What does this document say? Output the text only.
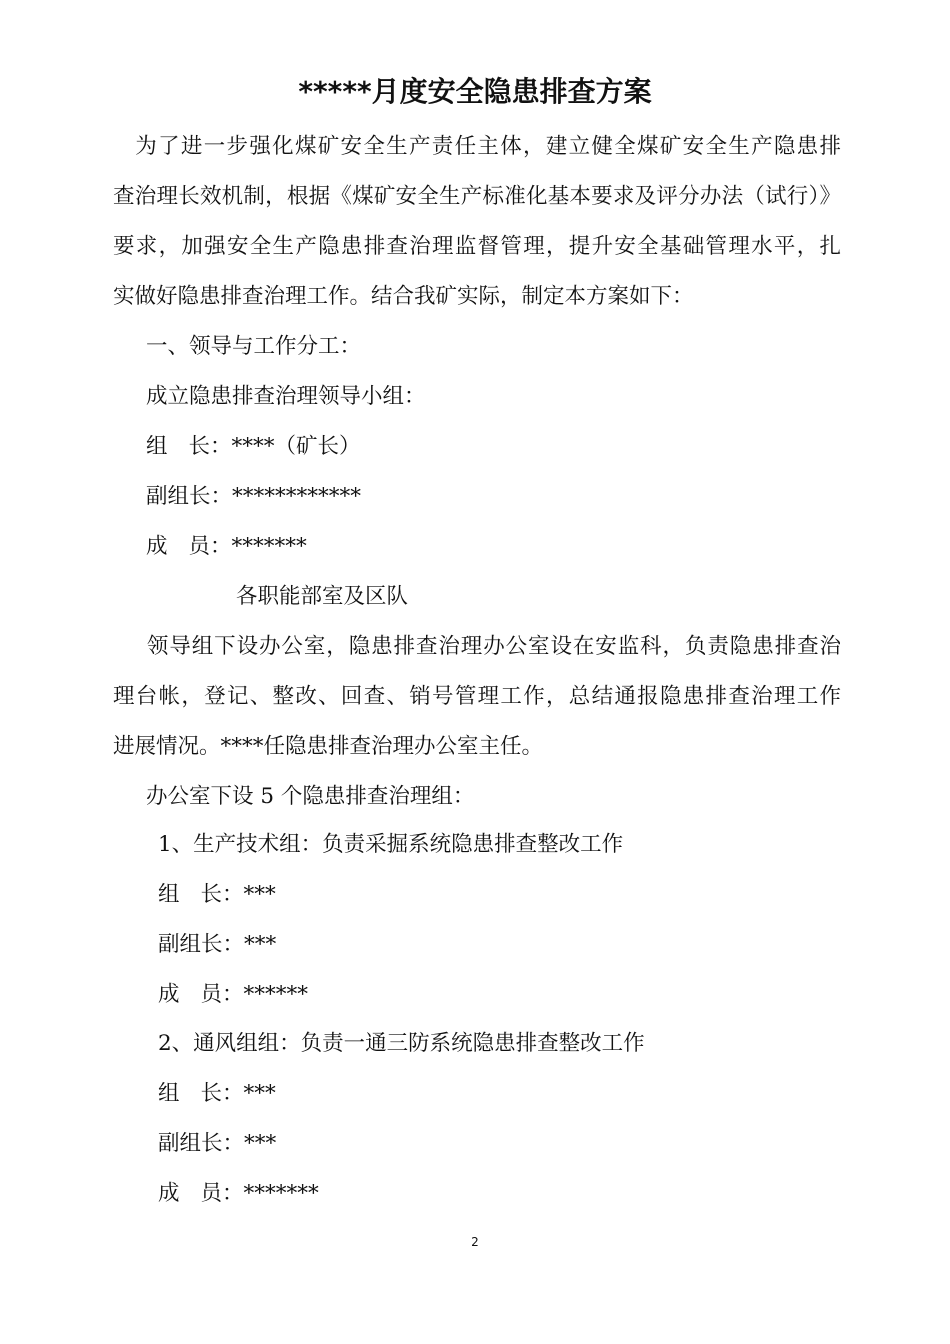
*****月度安全隐患排查方案
为了进一步强化煤矿安全生产责任主体，建立健全煤矿安全生产隐患排
查治理长效机制，根据《煤矿安全生产标准化基本要求及评分办法（试行）》
要求，加强安全生产隐患排查治理监督管理，提升安全基础管理水平，扎
实做好隐患排查治理工作。结合我矿实际，制定本方案如下：
一、领导与工作分工：
成立隐患排查治理领导小组：
组 长：****（矿长）
副组长：************
成 员：*******
各职能部室及区队
领导组下设办公室，隐患排查治理办公室设在安监科，负责隐患排查治
理台帐，登记、整改、回查、销号管理工作，总结通报隐患排查治理工作
进展情况。****任隐患排查治理办公室主任。
办公室下设 5 个隐患排查治理组：
1、生产技术组：负责采掘系统隐患排查整改工作
组 长：***
副组长：***
成 员：******
2、通风组组：负责一通三防系统隐患排查整改工作
组 长：***
副组长：***
成 员：*******
2
